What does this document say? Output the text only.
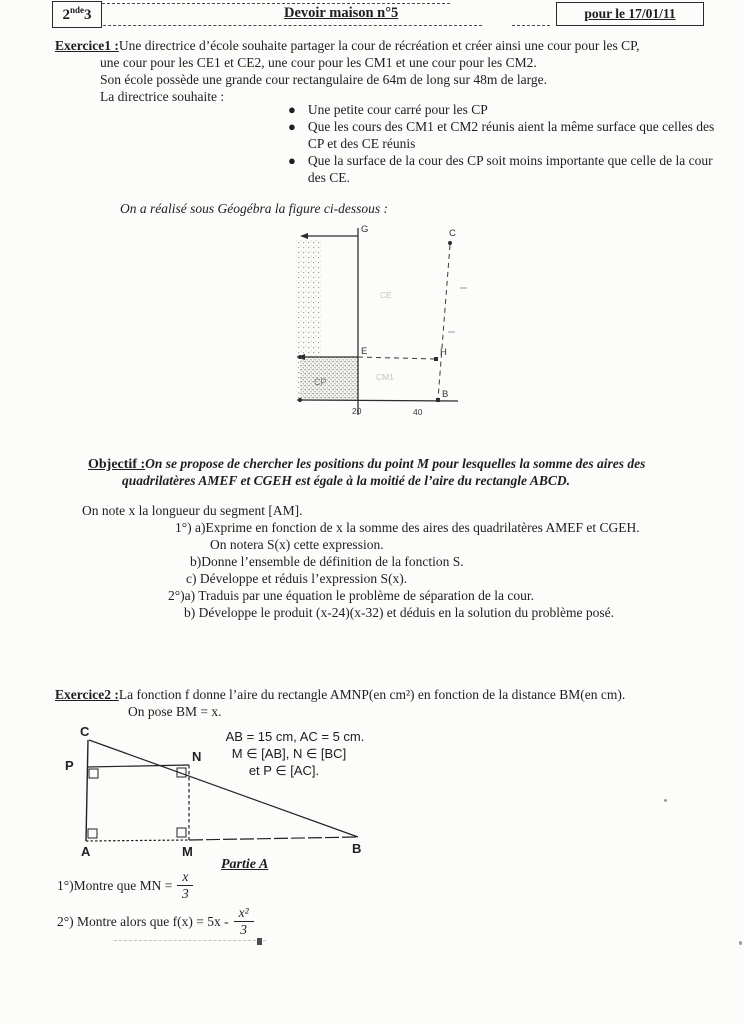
2nde3	Devoir maison n°5	pour le 17/01/11
Exercice1 :Une directrice d’école souhaite partager la cour de récréation et créer ainsi une cour pour les CP,
une cour pour les CE1 et CE2, une cour pour les CM1 et une cour pour les CM2.
Son école possède une grande cour rectangulaire de 64m de long sur 48m de large.
La directrice souhaite :
● Une petite cour carré pour les CP
● Que les cours des CM1 et CM2 réunis aient la même surface que celles des CP et des CE réunis
● Que la surface de la cour des CP soit moins importante que celle de la cour des CE.
On a réalisé sous Géogébra la figure ci-dessous :
G	C
E	H
B
CP
CE
CM1
20	40
Objectif :On se propose de chercher les positions du point M pour lesquelles la somme des aires des
quadrilatères AMEF et CGEH est égale à la moitié de l’aire du rectangle ABCD.
On note x la longueur du segment [AM].
1°) a)Exprime en fonction de x la somme des aires des quadrilatères AMEF et CGEH.
On notera S(x) cette expression.
b)Donne l’ensemble de définition de la fonction S.
c) Développe et réduis l’expression S(x).
2°)a) Traduis par une équation le problème de séparation de la cour.
b) Développe le produit (x-24)(x-32) et déduis en la solution du problème posé.
Exercice2 :La fonction f donne l’aire du rectangle AMNP(en cm²) en fonction de la distance BM(en cm).
On pose BM = x.
C
P
N
A	M	B
AB = 15 cm, AC = 5 cm.
M ∈ [AB], N ∈ [BC]
et P ∈ [AC].
Partie A
1°)Montre que MN = $\frac{x}{3}$
2°) Montre alors que $f(x) = 5x - \frac{\text{x²}}{3}$
